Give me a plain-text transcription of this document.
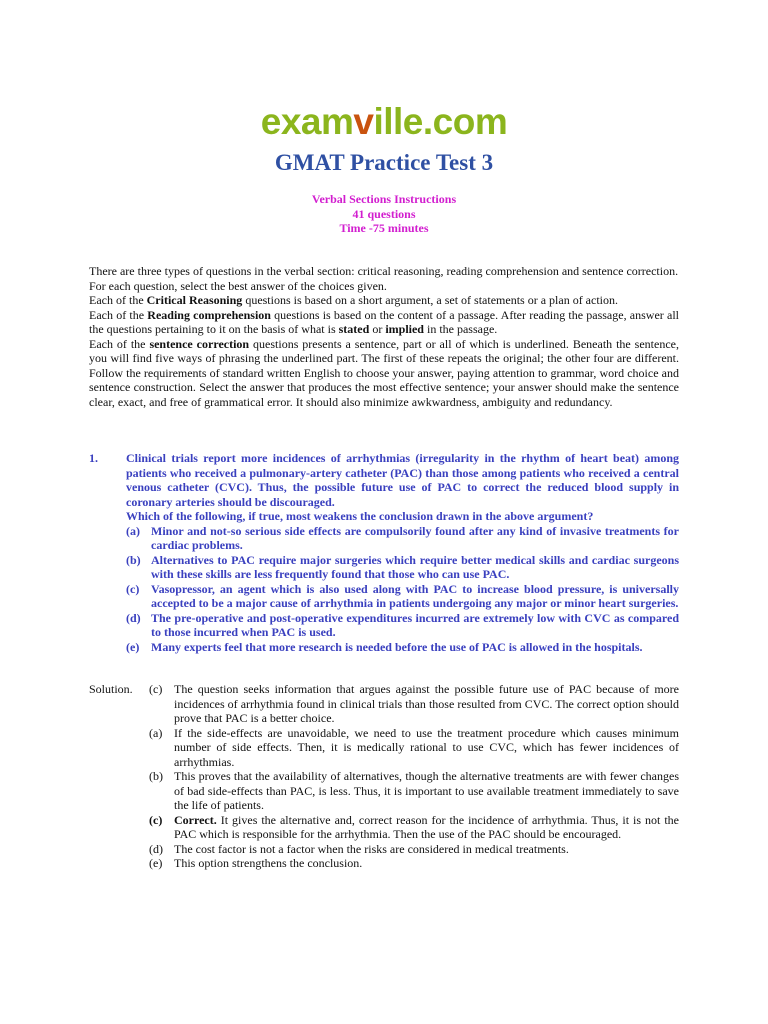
examville.com
GMAT Practice Test 3
Verbal Sections Instructions
41 questions
Time -75 minutes

There are three types of questions in the verbal section: critical reasoning, reading comprehension and sentence correction.

For each question, select the best answer of the choices given.

Each of the Critical Reasoning questions is based on a short argument, a set of statements or a plan of action.

Each of the Reading comprehension questions is based on the content of a passage. After reading the passage, answer all the questions pertaining to it on the basis of what is stated or implied in the passage.

Each of the sentence correction questions presents a sentence, part or all of which is underlined. Beneath the sentence, you will find five ways of phrasing the underlined part. The first of these repeats the original; the other four are different. Follow the requirements of standard written English to choose your answer, paying attention to grammar, word choice and sentence construction. Select the answer that produces the most effective sentence; your answer should make the sentence clear, exact, and free of grammatical error. It should also minimize awkwardness, ambiguity and redundancy.

1.	Clinical trials report more incidences of arrhythmias (irregularity in the rhythm of heart beat) among patients who received a pulmonary-artery catheter (PAC) than those among patients who received a central venous catheter (CVC). Thus, the possible future use of PAC to correct the reduced blood supply in coronary arteries should be discouraged.

Which of the following, if true, most weakens the conclusion drawn in the above argument?

(a) Minor and not-so serious side effects are compulsorily found after any kind of invasive treatments for cardiac problems.
(b) Alternatives to PAC require major surgeries which require better medical skills and cardiac surgeons with these skills are less frequently found that those who can use PAC.
(c) Vasopressor, an agent which is also used along with PAC to increase blood pressure, is universally accepted to be a major cause of arrhythmia in patients undergoing any major or minor heart surgeries.
(d) The pre-operative and post-operative expenditures incurred are extremely low with CVC as compared to those incurred when PAC is used.
(e) Many experts feel that more research is needed before the use of PAC is allowed in the hospitals.
Solution.	(c) The question seeks information that argues against the possible future use of PAC because of more incidences of arrhythmia found in clinical trials than those resulted from CVC. The correct option should prove that PAC is a better choice.
(a) If the side-effects are unavoidable, we need to use the treatment procedure which causes minimum number of side effects. Then, it is medically rational to use CVC, which has fewer incidences of arrhythmias.
(b) This proves that the availability of alternatives, though the alternative treatments are with fewer changes of bad side-effects than PAC, is less. Thus, it is important to use available treatment immediately to save the life of patients.
(c) Correct. It gives the alternative and, correct reason for the incidence of arrhythmia. Thus, it is not the PAC which is responsible for the arrhythmia. Then the use of the PAC should be encouraged.
(d) The cost factor is not a factor when the risks are considered in medical treatments.
(e) This option strengthens the conclusion.
